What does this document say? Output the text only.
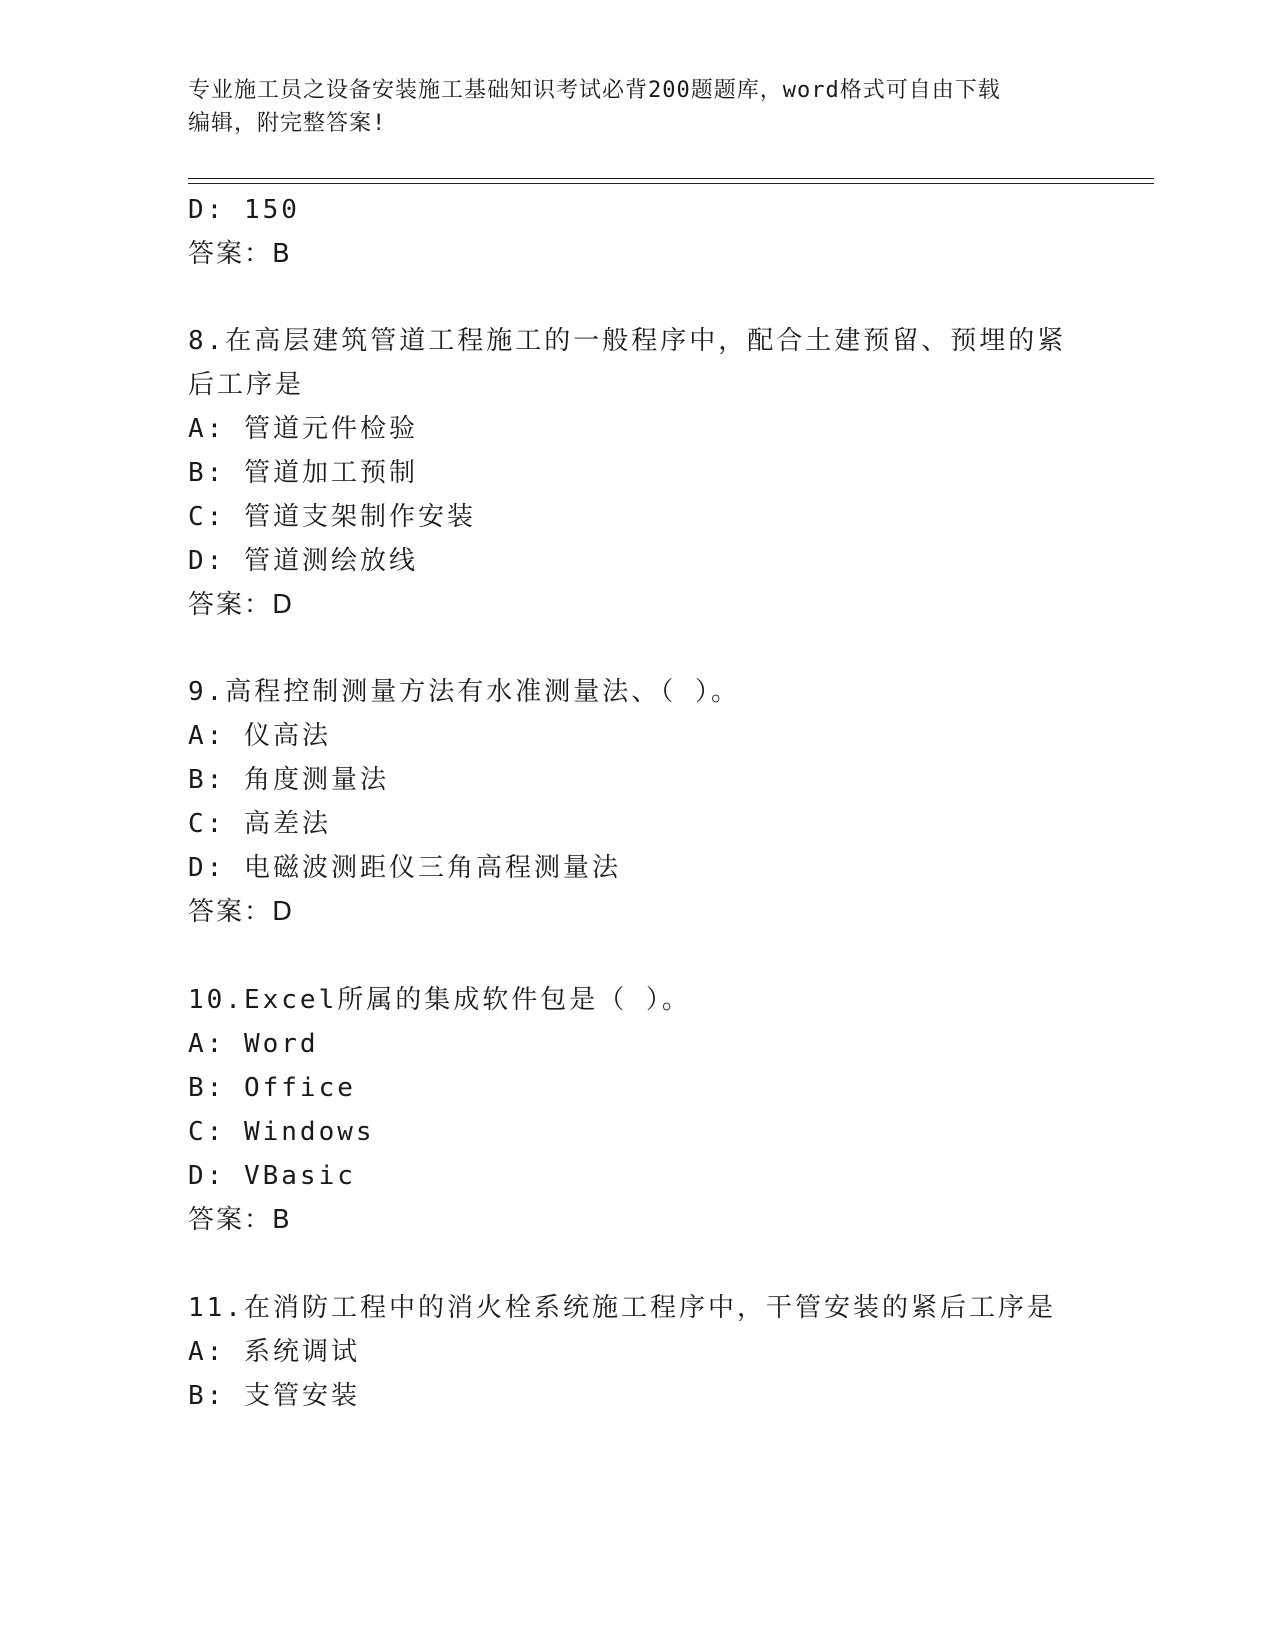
专业施工员之设备安装施工基础知识考试必背200题题库，word格式可自由下载
编辑，附完整答案!
D: 150
答案：B
8.在高层建筑管道工程施工的一般程序中，配合土建预留、预埋的紧
后工序是
A: 管道元件检验
B: 管道加工预制
C: 管道支架制作安装
D: 管道测绘放线
答案：D
9.高程控制测量方法有水准测量法、（ ）。
A: 仪高法
B: 角度测量法
C: 高差法
D: 电磁波测距仪三角高程测量法
答案：D
10.Excel所属的集成软件包是（ ）。
A: Word
B: Office
C: Windows
D: VBasic
答案：B
11.在消防工程中的消火栓系统施工程序中，干管安装的紧后工序是
A: 系统调试
B: 支管安装
